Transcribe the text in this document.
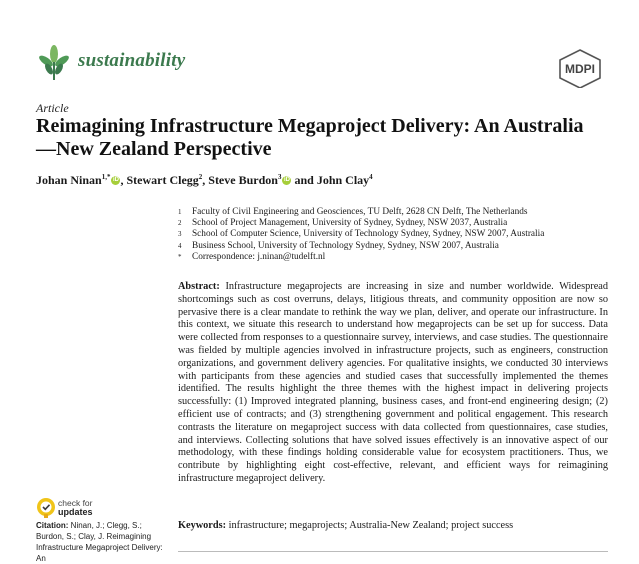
sustainability	MDPI
Article
Reimagining Infrastructure Megaproject Delivery: An Australia—New Zealand Perspective
Johan Ninan$^{1,*}$ iD , Stewart Clegg$^2$, Steve Burdon$^3$ iD and John Clay$^4$
1	Faculty of Civil Engineering and Geosciences, TU Delft, 2628 CN Delft, The Netherlands
2	School of Project Management, University of Sydney, Sydney, NSW 2037, Australia
3	School of Computer Science, University of Technology Sydney, Sydney, NSW 2007, Australia
4	Business School, University of Technology Sydney, Sydney, NSW 2007, Australia
*	Correspondence: j.ninan@tudelft.nl
Abstract: Infrastructure megaprojects are increasing in size and number worldwide. Widespread shortcomings such as cost overruns, delays, litigious threats, and community opposition are now so pervasive there is a clear mandate to rethink the way we plan, deliver, and operate our infrastructure. In this context, we situate this research to understand how megaprojects can be set up for success. Data were collected from responses to a questionnaire survey, interviews, and case studies. The questionnaire was fielded by multiple agencies involved in infrastructure projects, such as engineers, construction organizations, and government delivery agencies. For qualitative insights, we conducted 30 interviews with participants from these agencies and studied cases that successfully implemented the themes identified. The results highlight the three themes with the highest impact in delivering projects successfully: (1) Improved integrated planning, business cases, and front-end engineering design; (2) efficient use of contracts; and (3) strengthening government and political engagement. This research contrasts the literature on megaproject success with data collected from questionnaires, case studies, and interviews. Collecting solutions that have solved issues effectively is an innovative aspect of our methodology, with these findings holding considerable value for ecosystem practitioners. Thus, we contribute by highlighting eight cost-effective, relevant, and efficient ways for reimagining infrastructure megaproject delivery.
Keywords: infrastructure; megaprojects; Australia-New Zealand; project success
check for
updates
Citation: Ninan, J.; Clegg, S.; Burdon, S.; Clay, J. Reimagining Infrastructure Megaproject Delivery: An
